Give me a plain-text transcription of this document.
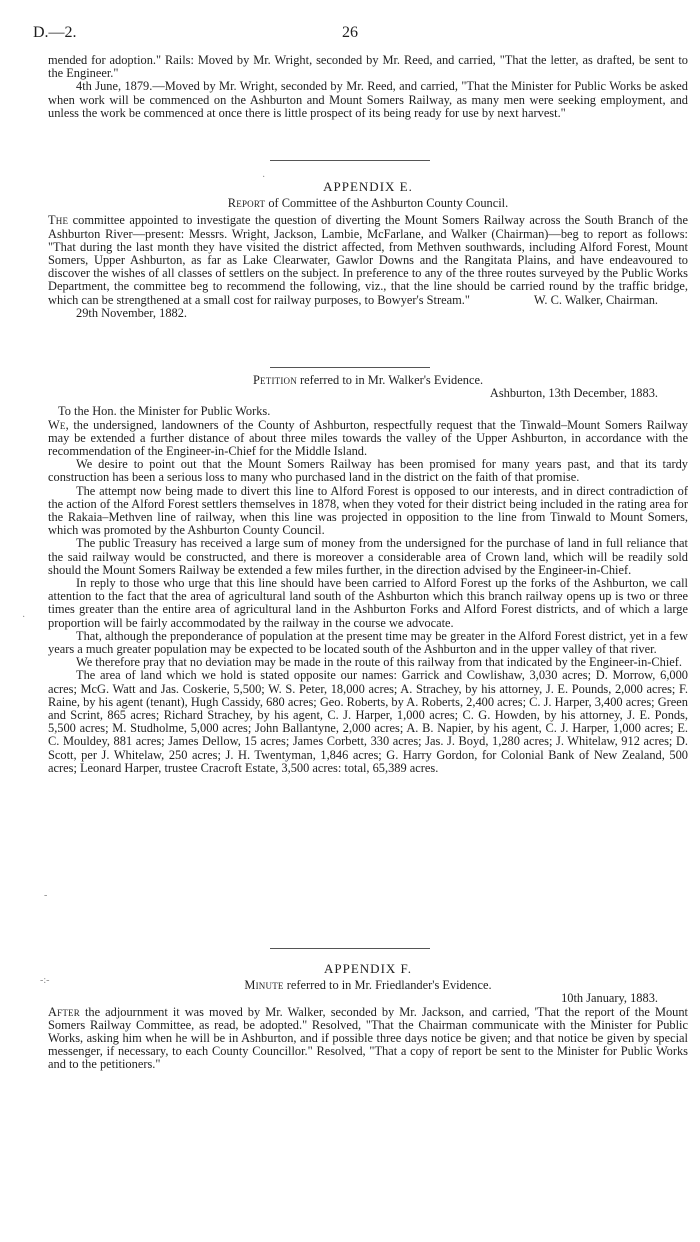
D.—2.	26

mended for adoption." Rails: Moved by Mr. Wright, seconded by Mr. Reed, and carried, "That the letter, as drafted, be sent to the Engineer."

4th June, 1879.—Moved by Mr. Wright, seconded by Mr. Reed, and carried, "That the Minister for Public Works be asked when work will be commenced on the Ashburton and Mount Somers Railway, as many men were seeking employment, and unless the work be commenced at once there is little prospect of its being ready for use by next harvest."

·

APPENDIX E.

Report of Committee of the Ashburton County Council.

The committee appointed to investigate the question of diverting the Mount Somers Railway across the South Branch of the Ashburton River—present: Messrs. Wright, Jackson, Lambie, McFarlane, and Walker (Chairman)—beg to report as follows: "That during the last month they have visited the district affected, from Methven southwards, including Alford Forest, Mount Somers, Upper Ashburton, as far as Lake Clearwater, Gawlor Downs and the Rangitata Plains, and have endeavoured to discover the wishes of all classes of settlers on the subject. In preference to any of the three routes surveyed by the Public Works Department, the committee beg to recommend the following, viz., that the line should be carried round by the traffic bridge, which can be strengthened at a small cost for railway purposes, to Bowyer's Stream."	W. C. Walker, Chairman.

29th November, 1882.

Petition referred to in Mr. Walker's Evidence.

Ashburton, 13th December, 1883.

To the Hon. the Minister for Public Works.

We, the undersigned, landowners of the County of Ashburton, respectfully request that the Tinwald–Mount Somers Railway may be extended a further distance of about three miles towards the valley of the Upper Ashburton, in accordance with the recommendation of the Engineer-in-Chief for the Middle Island.

We desire to point out that the Mount Somers Railway has been promised for many years past, and that its tardy construction has been a serious loss to many who purchased land in the district on the faith of that promise.

The attempt now being made to divert this line to Alford Forest is opposed to our interests, and in direct contradiction of the action of the Alford Forest settlers themselves in 1878, when they voted for their district being included in the rating area for the Rakaia–Methven line of railway, when this line was projected in opposition to the line from Tinwald to Mount Somers, which was promoted by the Ashburton County Council.

The public Treasury has received a large sum of money from the undersigned for the purchase of land in full reliance that the said railway would be constructed, and there is moreover a considerable area of Crown land, which will be readily sold should the Mount Somers Railway be extended a few miles further, in the direction advised by the Engineer-in-Chief.

In reply to those who urge that this line should have been carried to Alford Forest up the forks of the Ashburton, we call attention to the fact that the area of agricultural land south of the Ashburton which this branch railway opens up is two or three times greater than the entire area of agricultural land in the Ashburton Forks and Alford Forest districts, and of which a large proportion will be fairly accommodated by the railway in the course we advocate.

That, although the preponderance of population at the present time may be greater in the Alford Forest district, yet in a few years a much greater population may be expected to be located south of the Ashburton and in the upper valley of that river.

We therefore pray that no deviation may be made in the route of this railway from that indicated by the Engineer-in-Chief.

The area of land which we hold is stated opposite our names: Garrick and Cowlishaw, 3,030 acres; D. Morrow, 6,000 acres; McG. Watt and Jas. Coskerie, 5,500; W. S. Peter, 18,000 acres; A. Strachey, by his attorney, J. E. Pounds, 2,000 acres; F. Raine, by his agent (tenant), Hugh Cassidy, 680 acres; Geo. Roberts, by A. Roberts, 2,400 acres; C. J. Harper, 3,400 acres; Green and Scrint, 865 acres; Richard Strachey, by his agent, C. J. Harper, 1,000 acres; C. G. Howden, by his attorney, J. E. Ponds, 5,500 acres; M. Studholme, 5,000 acres; John Ballantyne, 2,000 acres; A. B. Napier, by his agent, C. J. Harper, 1,000 acres; E. C. Mouldey, 881 acres; James Dellow, 15 acres; James Corbett, 330 acres; Jas. J. Boyd, 1,280 acres; J. Whitelaw, 912 acres; D. Scott, per J. Whitelaw, 250 acres; J. H. Twentyman, 1,846 acres; G. Harry Gordon, for Colonial Bank of New Zealand, 500 acres; Leonard Harper, trustee Cracroft Estate, 3,500 acres: total, 65,389 acres.

·
-
-:-

APPENDIX F.

Minute referred to in Mr. Friedlander's Evidence.

10th January, 1883.

After the adjournment it was moved by Mr. Walker, seconded by Mr. Jackson, and carried, 'That the report of the Mount Somers Railway Committee, as read, be adopted." Resolved, "That the Chairman communicate with the Minister for Public Works, asking him when he will be in Ashburton, and if possible three days notice be given; and that notice be given by special messenger, if necessary, to each County Councillor." Resolved, "That a copy of report be sent to the Minister for Public Works and to the petitioners."
